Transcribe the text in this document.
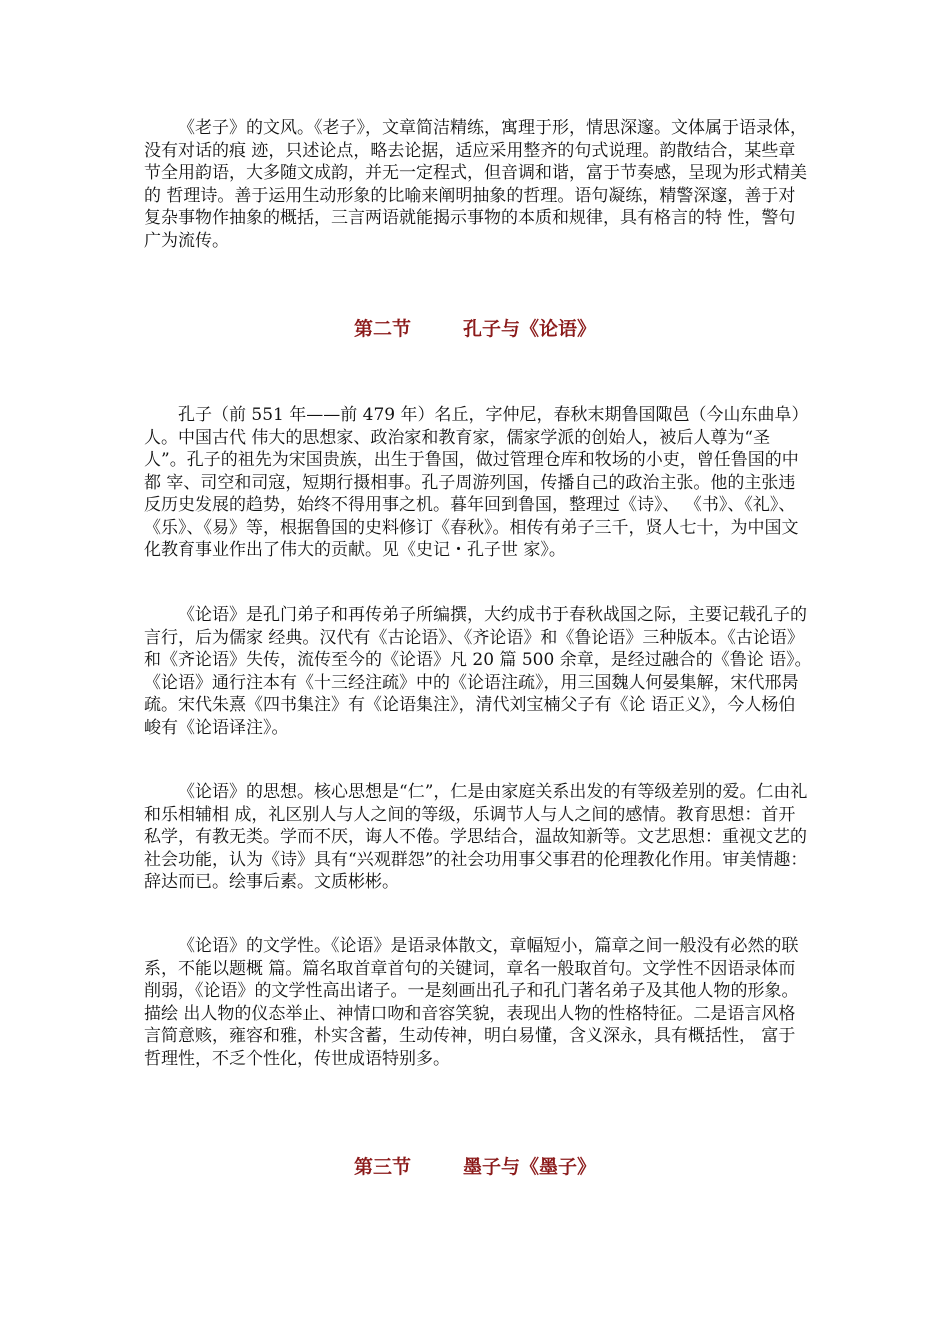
《老子》的文风。《老子》，文章简洁精练，寓理于形，情思深邃。文体属于语录体，没有对话的痕 迹，只述论点，略去论据，适应采用整齐的句式说理。韵散结合，某些章节全用韵语，大多随文成韵，并无一定程式，但音调和谐，富于节奏感，呈现为形式精美的 哲理诗。善于运用生动形象的比喻来阐明抽象的哲理。语句凝练，精警深邃，善于对复杂事物作抽象的概括，三言两语就能揭示事物的本质和规律，具有格言的特 性，警句广为流传。

第二节	孔子与《论语》

孔子（前 551 年——前 479 年）名丘，字仲尼，春秋末期鲁国陬邑（今山东曲阜）人。中国古代 伟大的思想家、政治家和教育家，儒家学派的创始人，被后人尊为“圣人”。孔子的祖先为宋国贵族，出生于鲁国，做过管理仓库和牧场的小吏，曾任鲁国的中都 宰、司空和司寇，短期行摄相事。孔子周游列国，传播自己的政治主张。他的主张违反历史发展的趋势，始终不得用事之机。暮年回到鲁国，整理过《诗》、 《书》、《礼》、《乐》、《易》等，根据鲁国的史料修订《春秋》。相传有弟子三千，贤人七十，为中国文化教育事业作出了伟大的贡献。见《史记・孔子世 家》。

《论语》是孔门弟子和再传弟子所编撰，大约成书于春秋战国之际，主要记载孔子的言行，后为儒家 经典。汉代有《古论语》、《齐论语》和《鲁论语》三种版本。《古论语》和《齐论语》失传，流传至今的《论语》凡 20 篇 500 余章，是经过融合的《鲁论 语》。《论语》通行注本有《十三经注疏》中的《论语注疏》，用三国魏人何晏集解，宋代邢昺疏。宋代朱熹《四书集注》有《论语集注》，清代刘宝楠父子有《论 语正义》，今人杨伯峻有《论语译注》。

《论语》的思想。核心思想是“仁”，仁是由家庭关系出发的有等级差别的爱。仁由礼和乐相辅相 成，礼区别人与人之间的等级，乐调节人与人之间的感情。教育思想：首开私学，有教无类。学而不厌，诲人不倦。学思结合，温故知新等。文艺思想：重视文艺的 社会功能，认为《诗》具有“兴观群怨”的社会功用事父事君的伦理教化作用。审美情趣：辞达而已。绘事后素。文质彬彬。

《论语》的文学性。《论语》是语录体散文，章幅短小，篇章之间一般没有必然的联系，不能以题概 篇。篇名取首章首句的关键词，章名一般取首句。文学性不因语录体而削弱，《论语》的文学性高出诸子。一是刻画出孔子和孔门著名弟子及其他人物的形象。描绘 出人物的仪态举止、神情口吻和音容笑貌，表现出人物的性格特征。二是语言风格言简意赅，雍容和雅，朴实含蓄，生动传神，明白易懂，含义深永，具有概括性， 富于哲理性，不乏个性化，传世成语特别多。

第三节	墨子与《墨子》
